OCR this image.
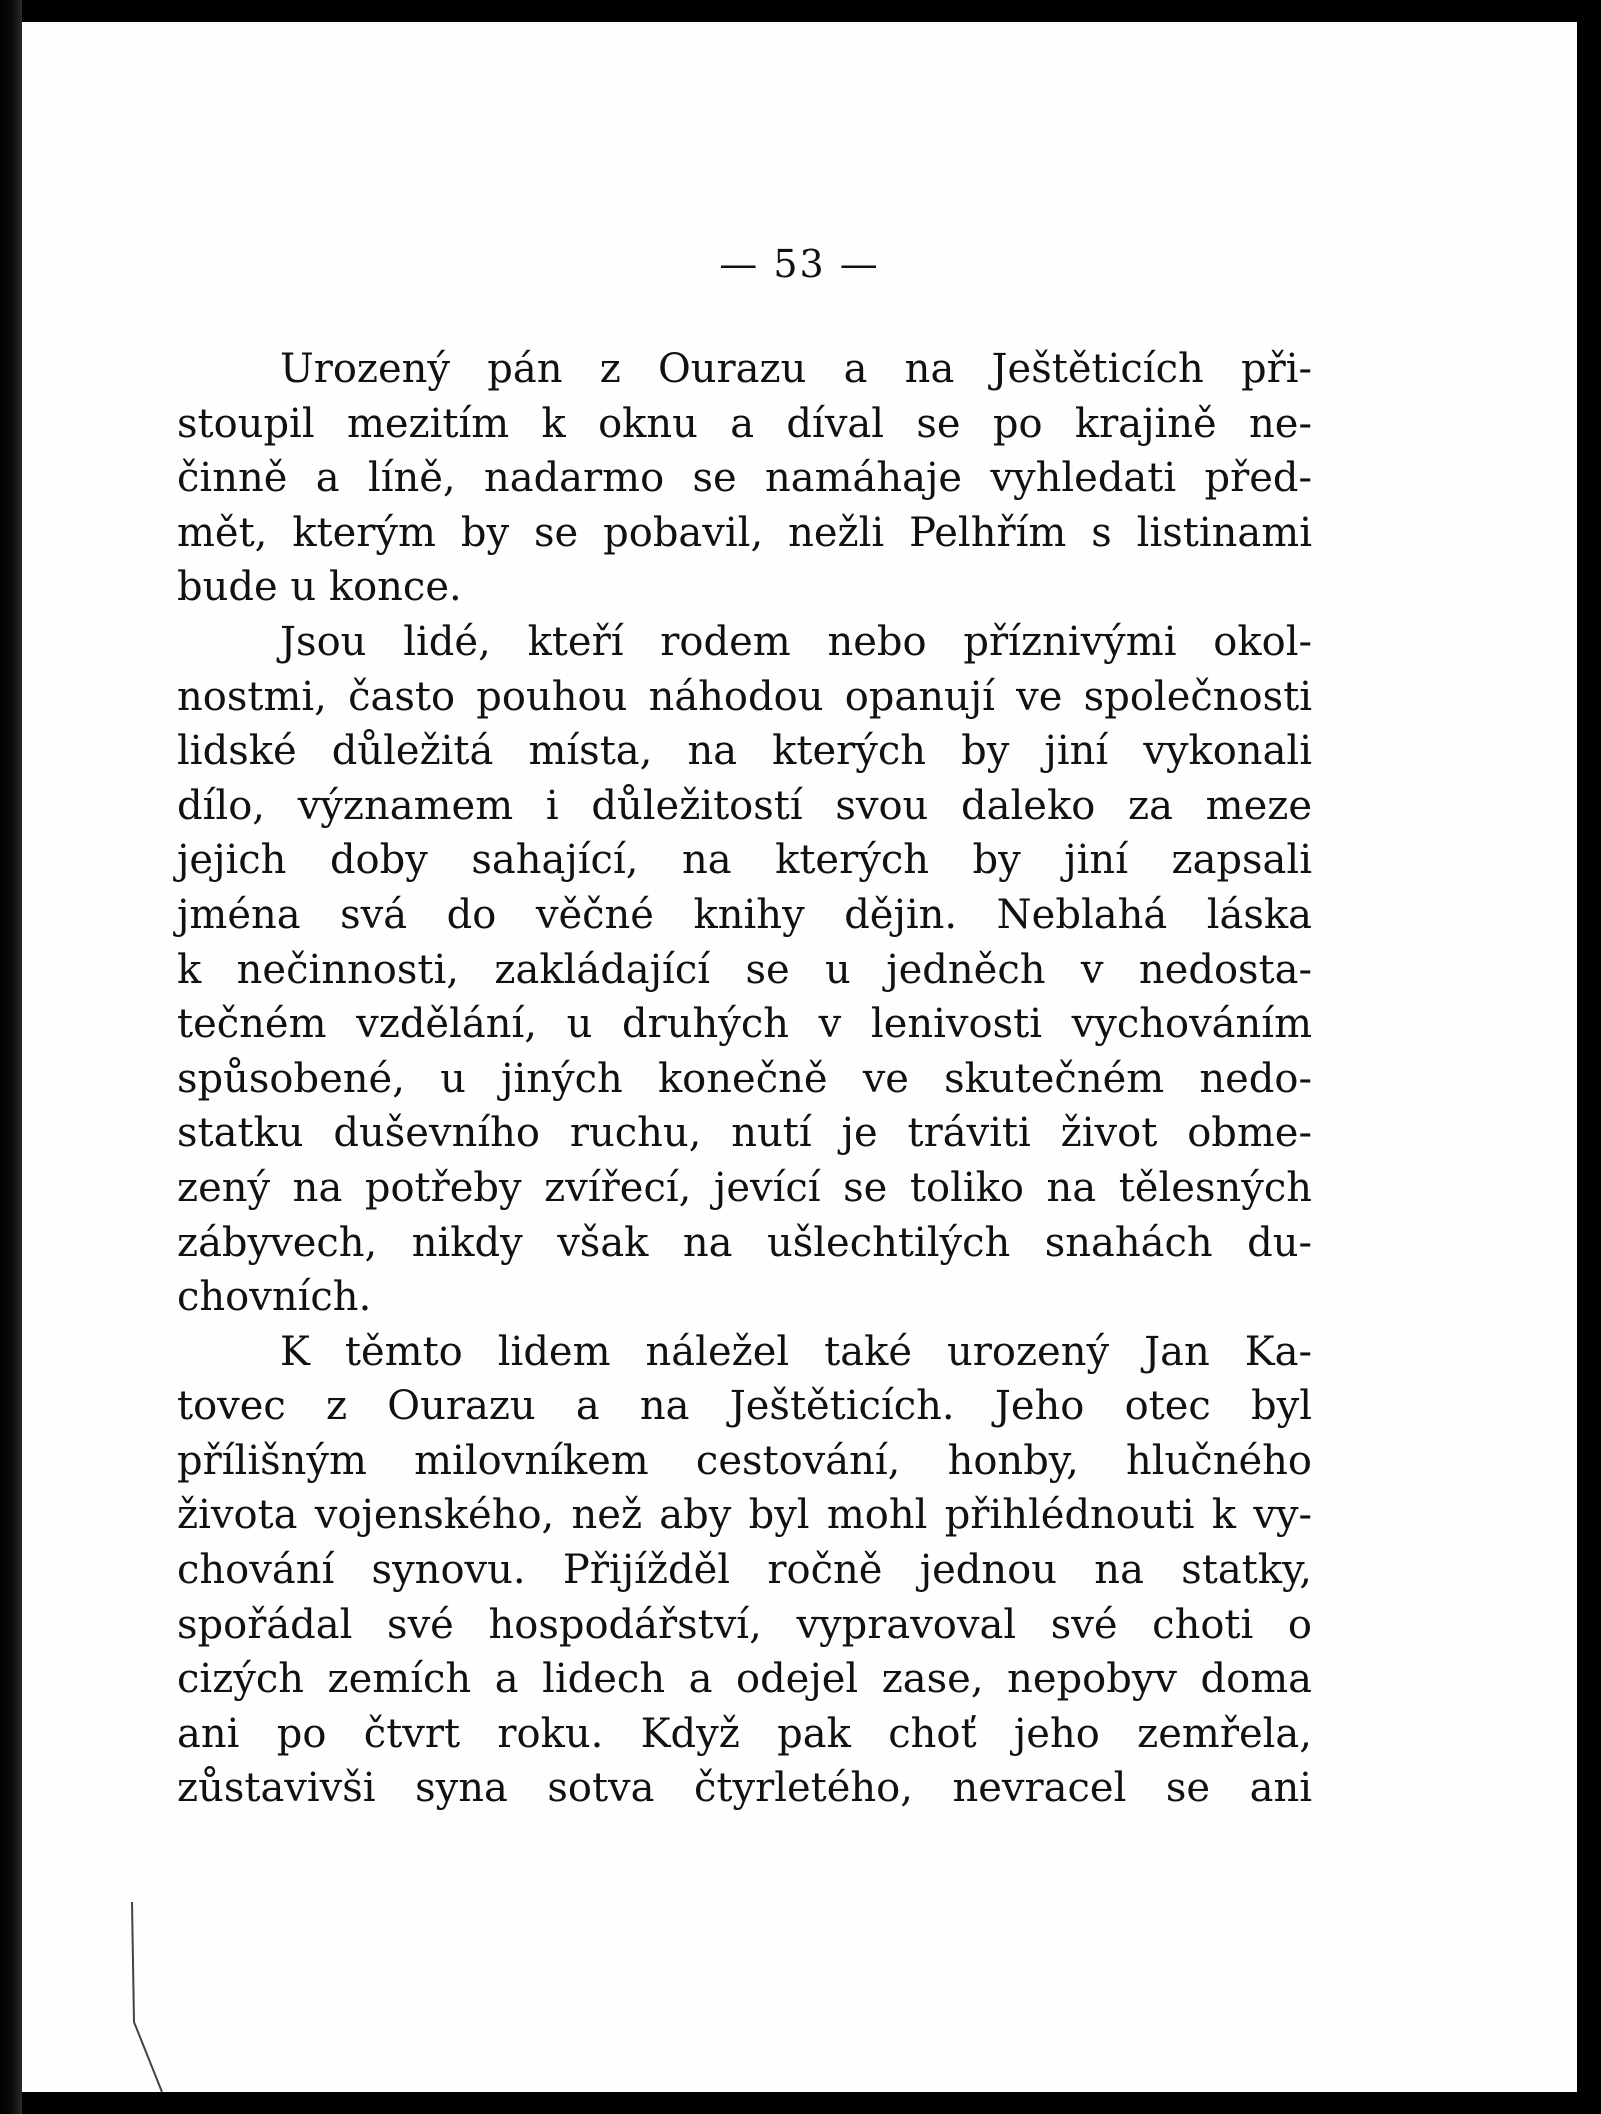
— 53 —
Urozený pán z Ourazu a na Ještěticích při-
stoupil mezitím k oknu a díval se po krajině ne-
činně a líně, nadarmo se namáhaje vyhledati před-
mět, kterým by se pobavil, nežli Pelhřím s listinami
bude u konce.
Jsou lidé, kteří rodem nebo příznivými okol-
nostmi, často pouhou náhodou opanují ve společnosti
lidské důležitá místa, na kterých by jiní vykonali
dílo, významem i důležitostí svou daleko za meze
jejich doby sahající, na kterých by jiní zapsali
jména svá do věčné knihy dějin. Neblahá láska
k nečinnosti, zakládající se u jedněch v nedosta-
tečném vzdělání, u druhých v lenivosti vychováním
spůsobené, u jiných konečně ve skutečném nedo-
statku duševního ruchu, nutí je tráviti život obme-
zený na potřeby zvířecí, jevící se toliko na tělesných
zábyvech, nikdy však na ušlechtilých snahách du-
chovních.
K těmto lidem náležel také urozený Jan Ka-
tovec z Ourazu a na Ještěticích. Jeho otec byl
přílišným milovníkem cestování, honby, hlučného
života vojenského, než aby byl mohl přihlédnouti k vy-
chování synovu. Přijížděl ročně jednou na statky,
spořádal své hospodářství, vypravoval své choti o
cizých zemích a lidech a odejel zase, nepobyv doma
ani po čtvrt roku. Když pak choť jeho zemřela,
zůstavivši syna sotva čtyrletého, nevracel se ani
